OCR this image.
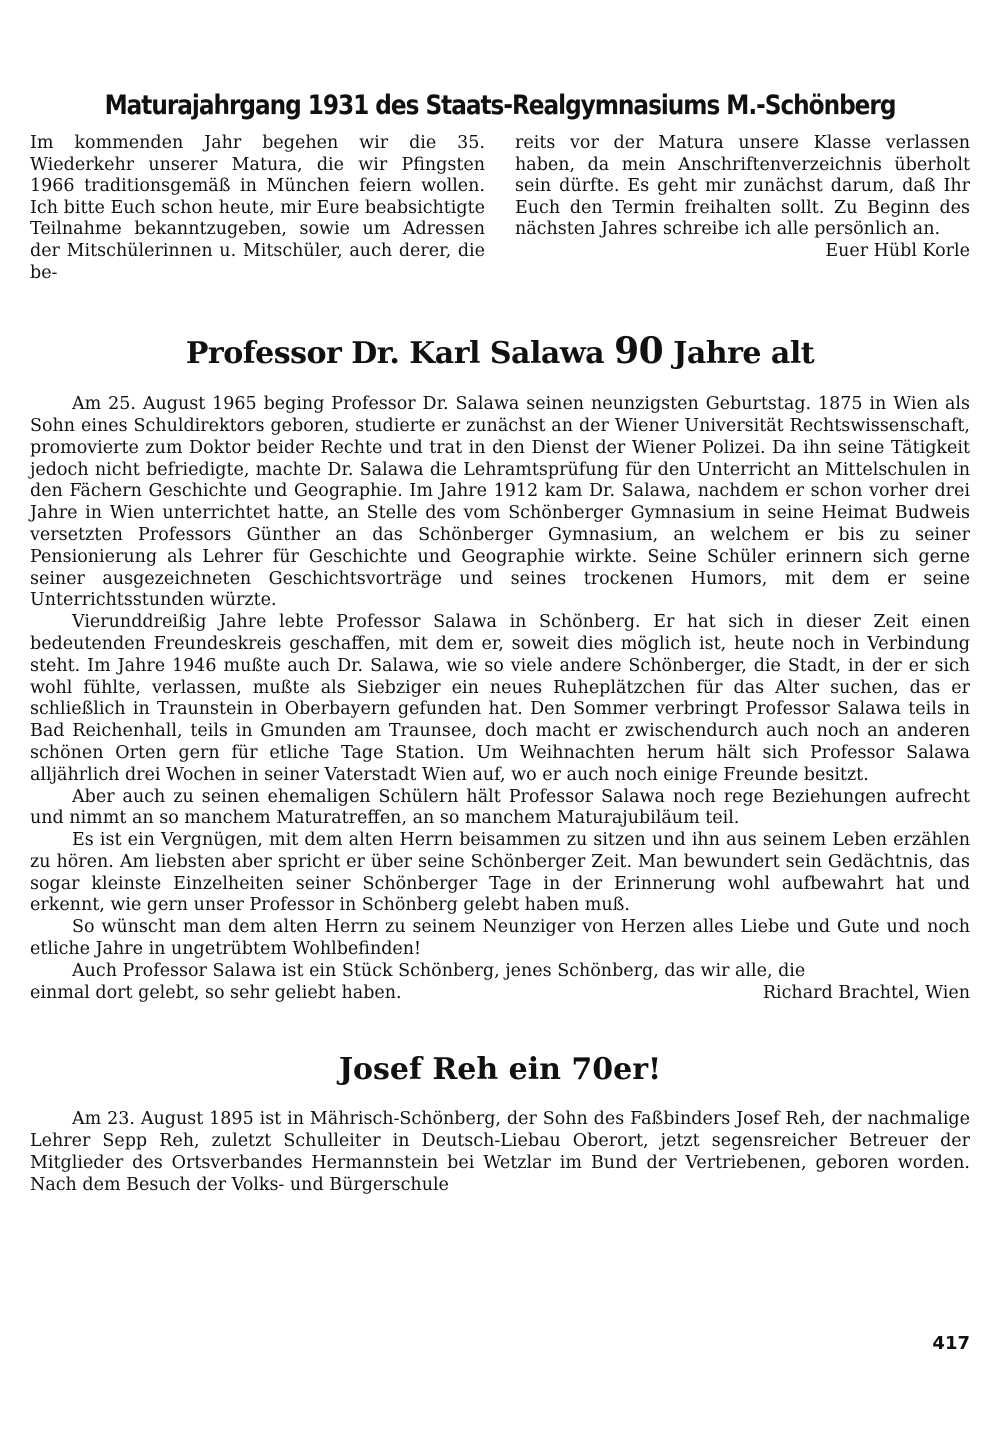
Maturajahrgang 1931 des Staats-Realgymnasiums M.-Schönberg

Im kommenden Jahr begehen wir die 35. Wiederkehr unserer Matura, die wir Pfingsten 1966 traditionsgemäß in München feiern wollen. Ich bitte Euch schon heute, mir Eure beabsichtigte Teilnahme bekanntzugeben, sowie um Adressen der Mitschülerinnen u. Mitschüler, auch derer, die be-

reits vor der Matura unsere Klasse verlassen haben, da mein Anschriftenverzeichnis überholt sein dürfte. Es geht mir zunächst darum, daß Ihr Euch den Termin freihalten sollt. Zu Beginn des nächsten Jahres schreibe ich alle persönlich an.

Euer Hübl Korle
Professor Dr. Karl Salawa 90 Jahre alt

Am 25. August 1965 beging Professor Dr. Salawa seinen neunzigsten Geburtstag. 1875 in Wien als Sohn eines Schuldirektors geboren, studierte er zunächst an der Wiener Universität Rechtswissenschaft, promovierte zum Doktor beider Rechte und trat in den Dienst der Wiener Polizei. Da ihn seine Tätigkeit jedoch nicht befriedigte, machte Dr. Salawa die Lehramtsprüfung für den Unterricht an Mittelschulen in den Fächern Geschichte und Geographie. Im Jahre 1912 kam Dr. Salawa, nachdem er schon vorher drei Jahre in Wien unterrichtet hatte, an Stelle des vom Schönberger Gymnasium in seine Heimat Budweis versetzten Professors Günther an das Schönberger Gymnasium, an welchem er bis zu seiner Pensionierung als Lehrer für Geschichte und Geographie wirkte. Seine Schüler erinnern sich gerne seiner ausgezeichneten Geschichtsvorträge und seines trockenen Humors, mit dem er seine Unterrichtsstunden würzte.

Vierunddreißig Jahre lebte Professor Salawa in Schönberg. Er hat sich in dieser Zeit einen bedeutenden Freundeskreis geschaffen, mit dem er, soweit dies möglich ist, heute noch in Verbindung steht. Im Jahre 1946 mußte auch Dr. Salawa, wie so viele andere Schönberger, die Stadt, in der er sich wohl fühlte, verlassen, mußte als Siebziger ein neues Ruheplätzchen für das Alter suchen, das er schließlich in Traunstein in Oberbayern gefunden hat. Den Sommer verbringt Professor Salawa teils in Bad Reichenhall, teils in Gmunden am Traunsee, doch macht er zwischendurch auch noch an anderen schönen Orten gern für etliche Tage Station. Um Weihnachten herum hält sich Professor Salawa alljährlich drei Wochen in seiner Vaterstadt Wien auf, wo er auch noch einige Freunde besitzt.

Aber auch zu seinen ehemaligen Schülern hält Professor Salawa noch rege Beziehungen aufrecht und nimmt an so manchem Maturatreffen, an so manchem Maturajubiläum teil.

Es ist ein Vergnügen, mit dem alten Herrn beisammen zu sitzen und ihn aus seinem Leben erzählen zu hören. Am liebsten aber spricht er über seine Schönberger Zeit. Man bewundert sein Gedächtnis, das sogar kleinste Einzelheiten seiner Schönberger Tage in der Erinnerung wohl aufbewahrt hat und erkennt, wie gern unser Professor in Schönberg gelebt haben muß.

So wünscht man dem alten Herrn zu seinem Neunziger von Herzen alles Liebe und Gute und noch etliche Jahre in ungetrübtem Wohlbefinden!

Auch Professor Salawa ist ein Stück Schönberg, jenes Schönberg, das wir alle, die

einmal dort gelebt, so sehr geliebt haben.	Richard Brachtel, Wien
Josef Reh ein 70er!

Am 23. August 1895 ist in Mährisch-Schönberg, der Sohn des Faßbinders Josef Reh, der nachmalige Lehrer Sepp Reh, zuletzt Schulleiter in Deutsch-Liebau Oberort, jetzt segensreicher Betreuer der Mitglieder des Ortsverbandes Hermannstein bei Wetzlar im Bund der Vertriebenen, geboren worden. Nach dem Besuch der Volks- und Bürgerschule

417
